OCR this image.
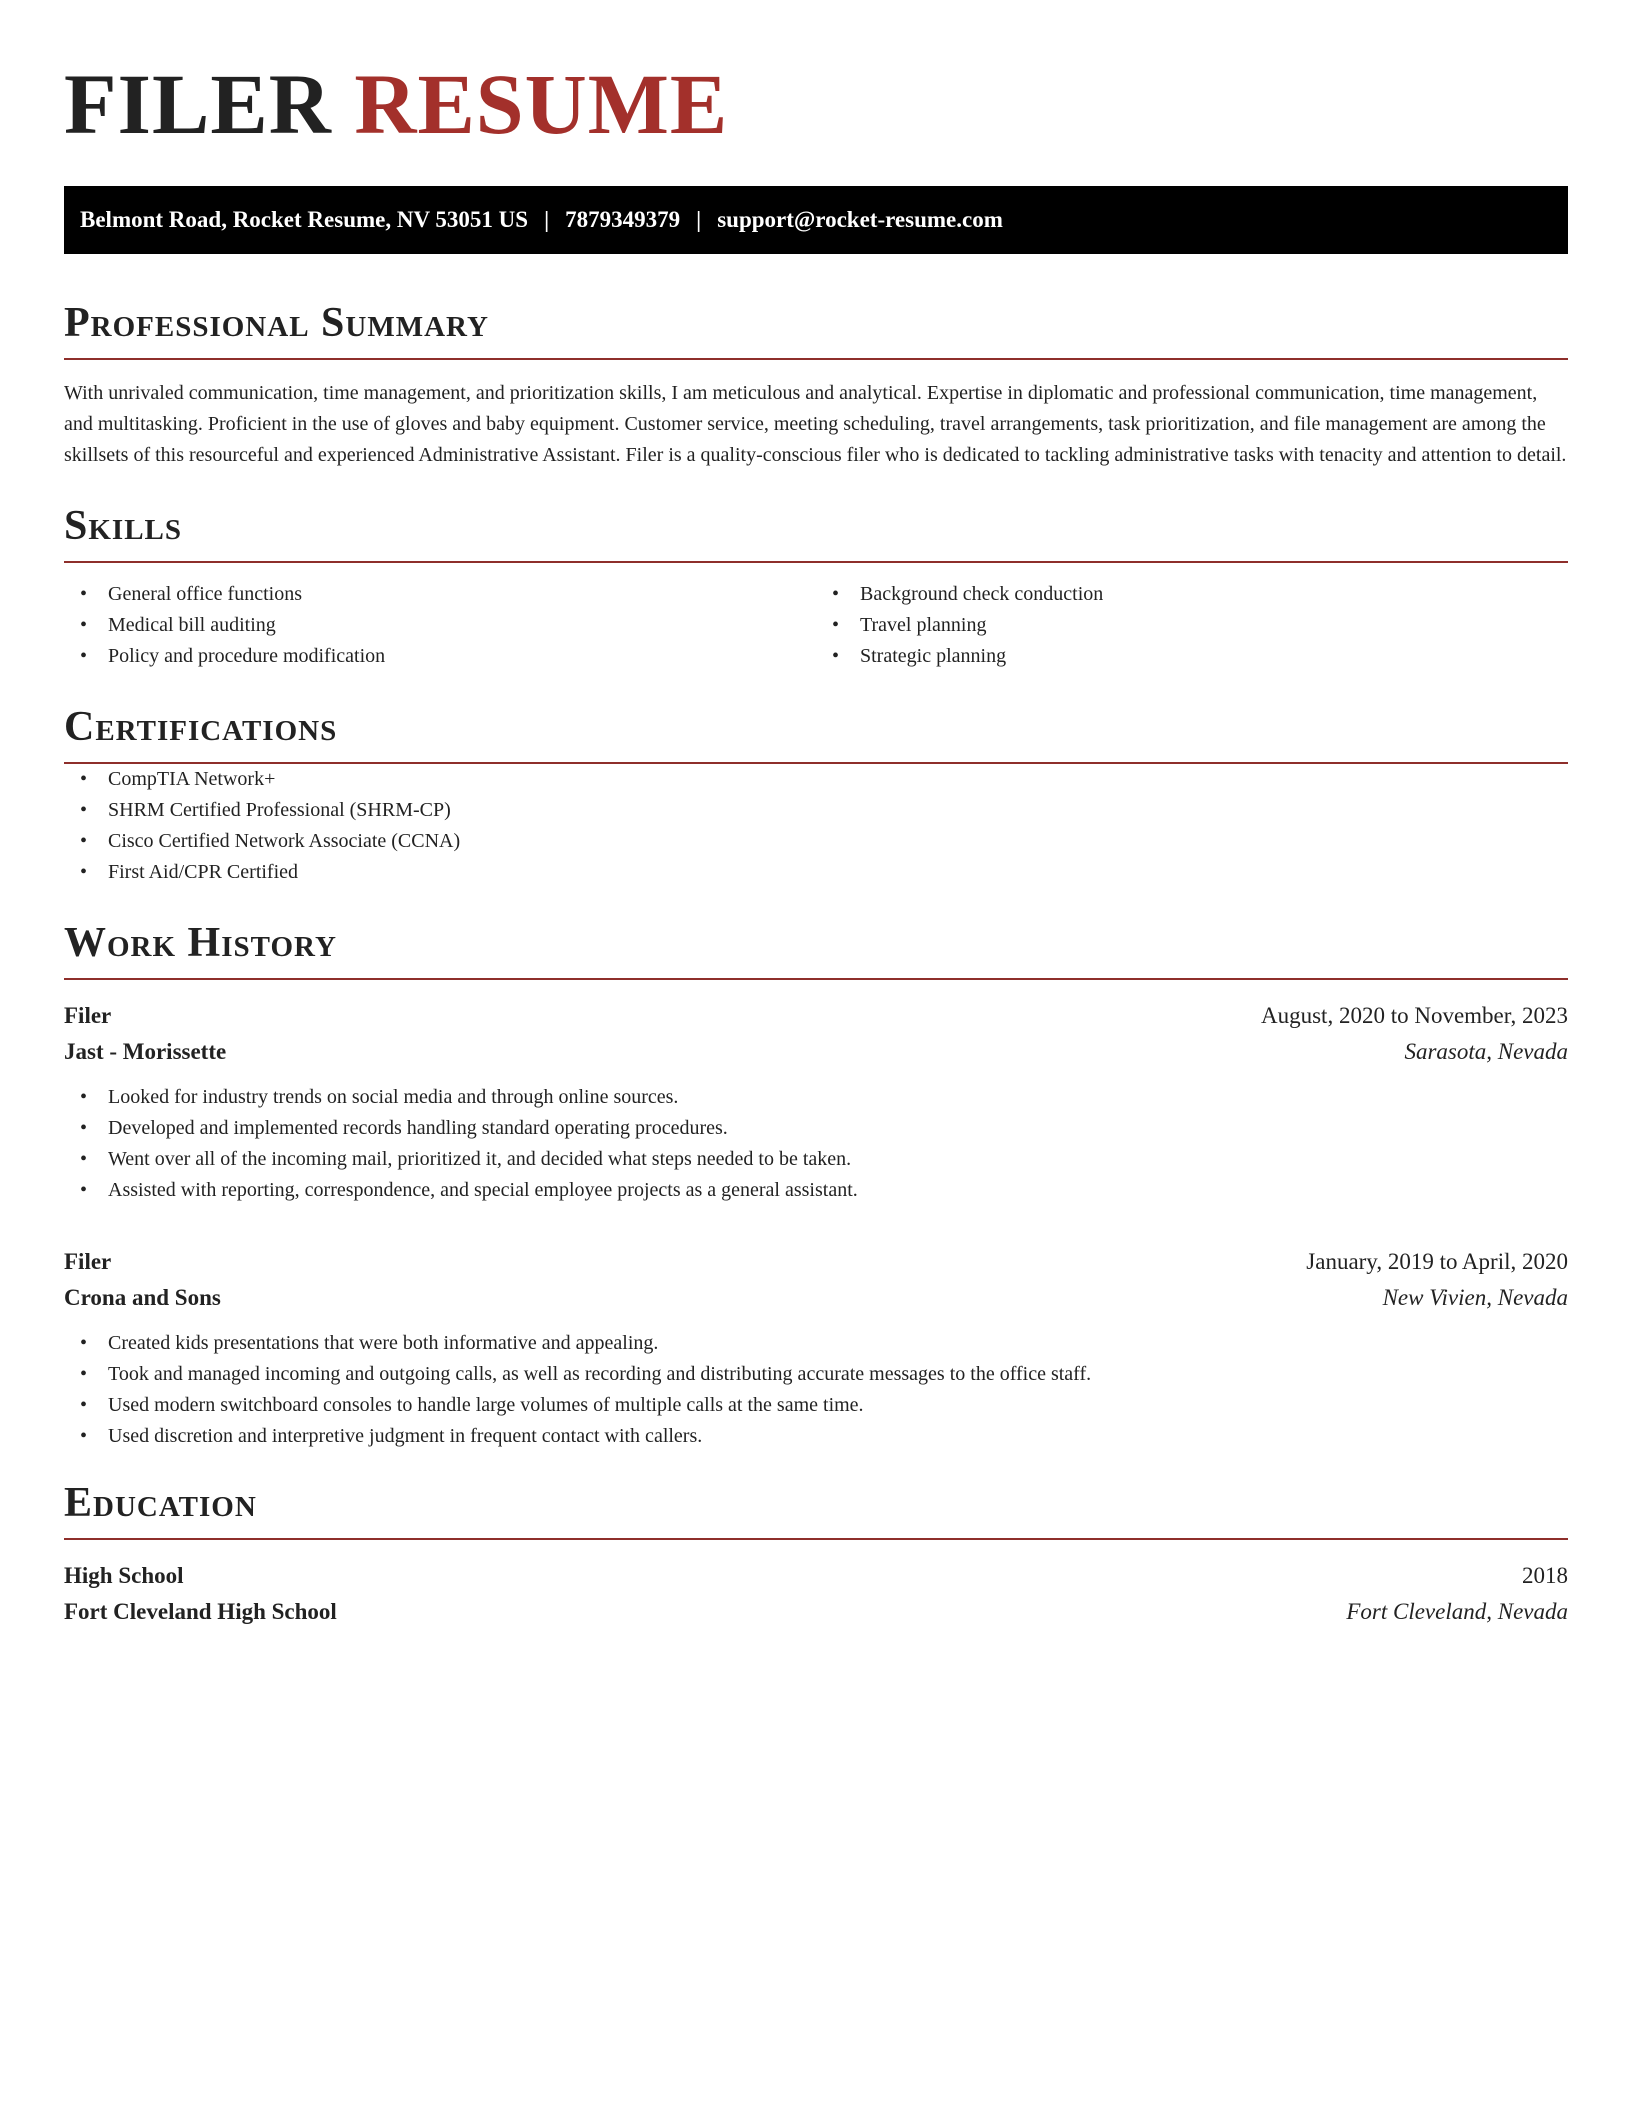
FILER RESUME
Belmont Road, Rocket Resume, NV 53051 US | 7879349379 | support@rocket-resume.com
Professional Summary

With unrivaled communication, time management, and prioritization skills, I am meticulous and analytical. Expertise in diplomatic and professional communication, time management, and multitasking. Proficient in the use of gloves and baby equipment. Customer service, meeting scheduling, travel arrangements, task prioritization, and file management are among the skillsets of this resourceful and experienced Administrative Assistant. Filer is a quality-conscious filer who is dedicated to tackling administrative tasks with tenacity and attention to detail.

Skills
• General office functions
• Medical bill auditing
• Policy and procedure modification
• Background check conduction
• Travel planning
• Strategic planning
Certifications
• CompTIA Network+
• SHRM Certified Professional (SHRM-CP)
• Cisco Certified Network Associate (CCNA)
• First Aid/CPR Certified
Work History
Filer	August, 2020 to November, 2023
Jast - Morissette	Sarasota, Nevada
• Looked for industry trends on social media and through online sources.
• Developed and implemented records handling standard operating procedures.
• Went over all of the incoming mail, prioritized it, and decided what steps needed to be taken.
• Assisted with reporting, correspondence, and special employee projects as a general assistant.
Filer	January, 2019 to April, 2020
Crona and Sons	New Vivien, Nevada
• Created kids presentations that were both informative and appealing.
• Took and managed incoming and outgoing calls, as well as recording and distributing accurate messages to the office staff.
• Used modern switchboard consoles to handle large volumes of multiple calls at the same time.
• Used discretion and interpretive judgment in frequent contact with callers.
Education
High School	2018
Fort Cleveland High School	Fort Cleveland, Nevada
